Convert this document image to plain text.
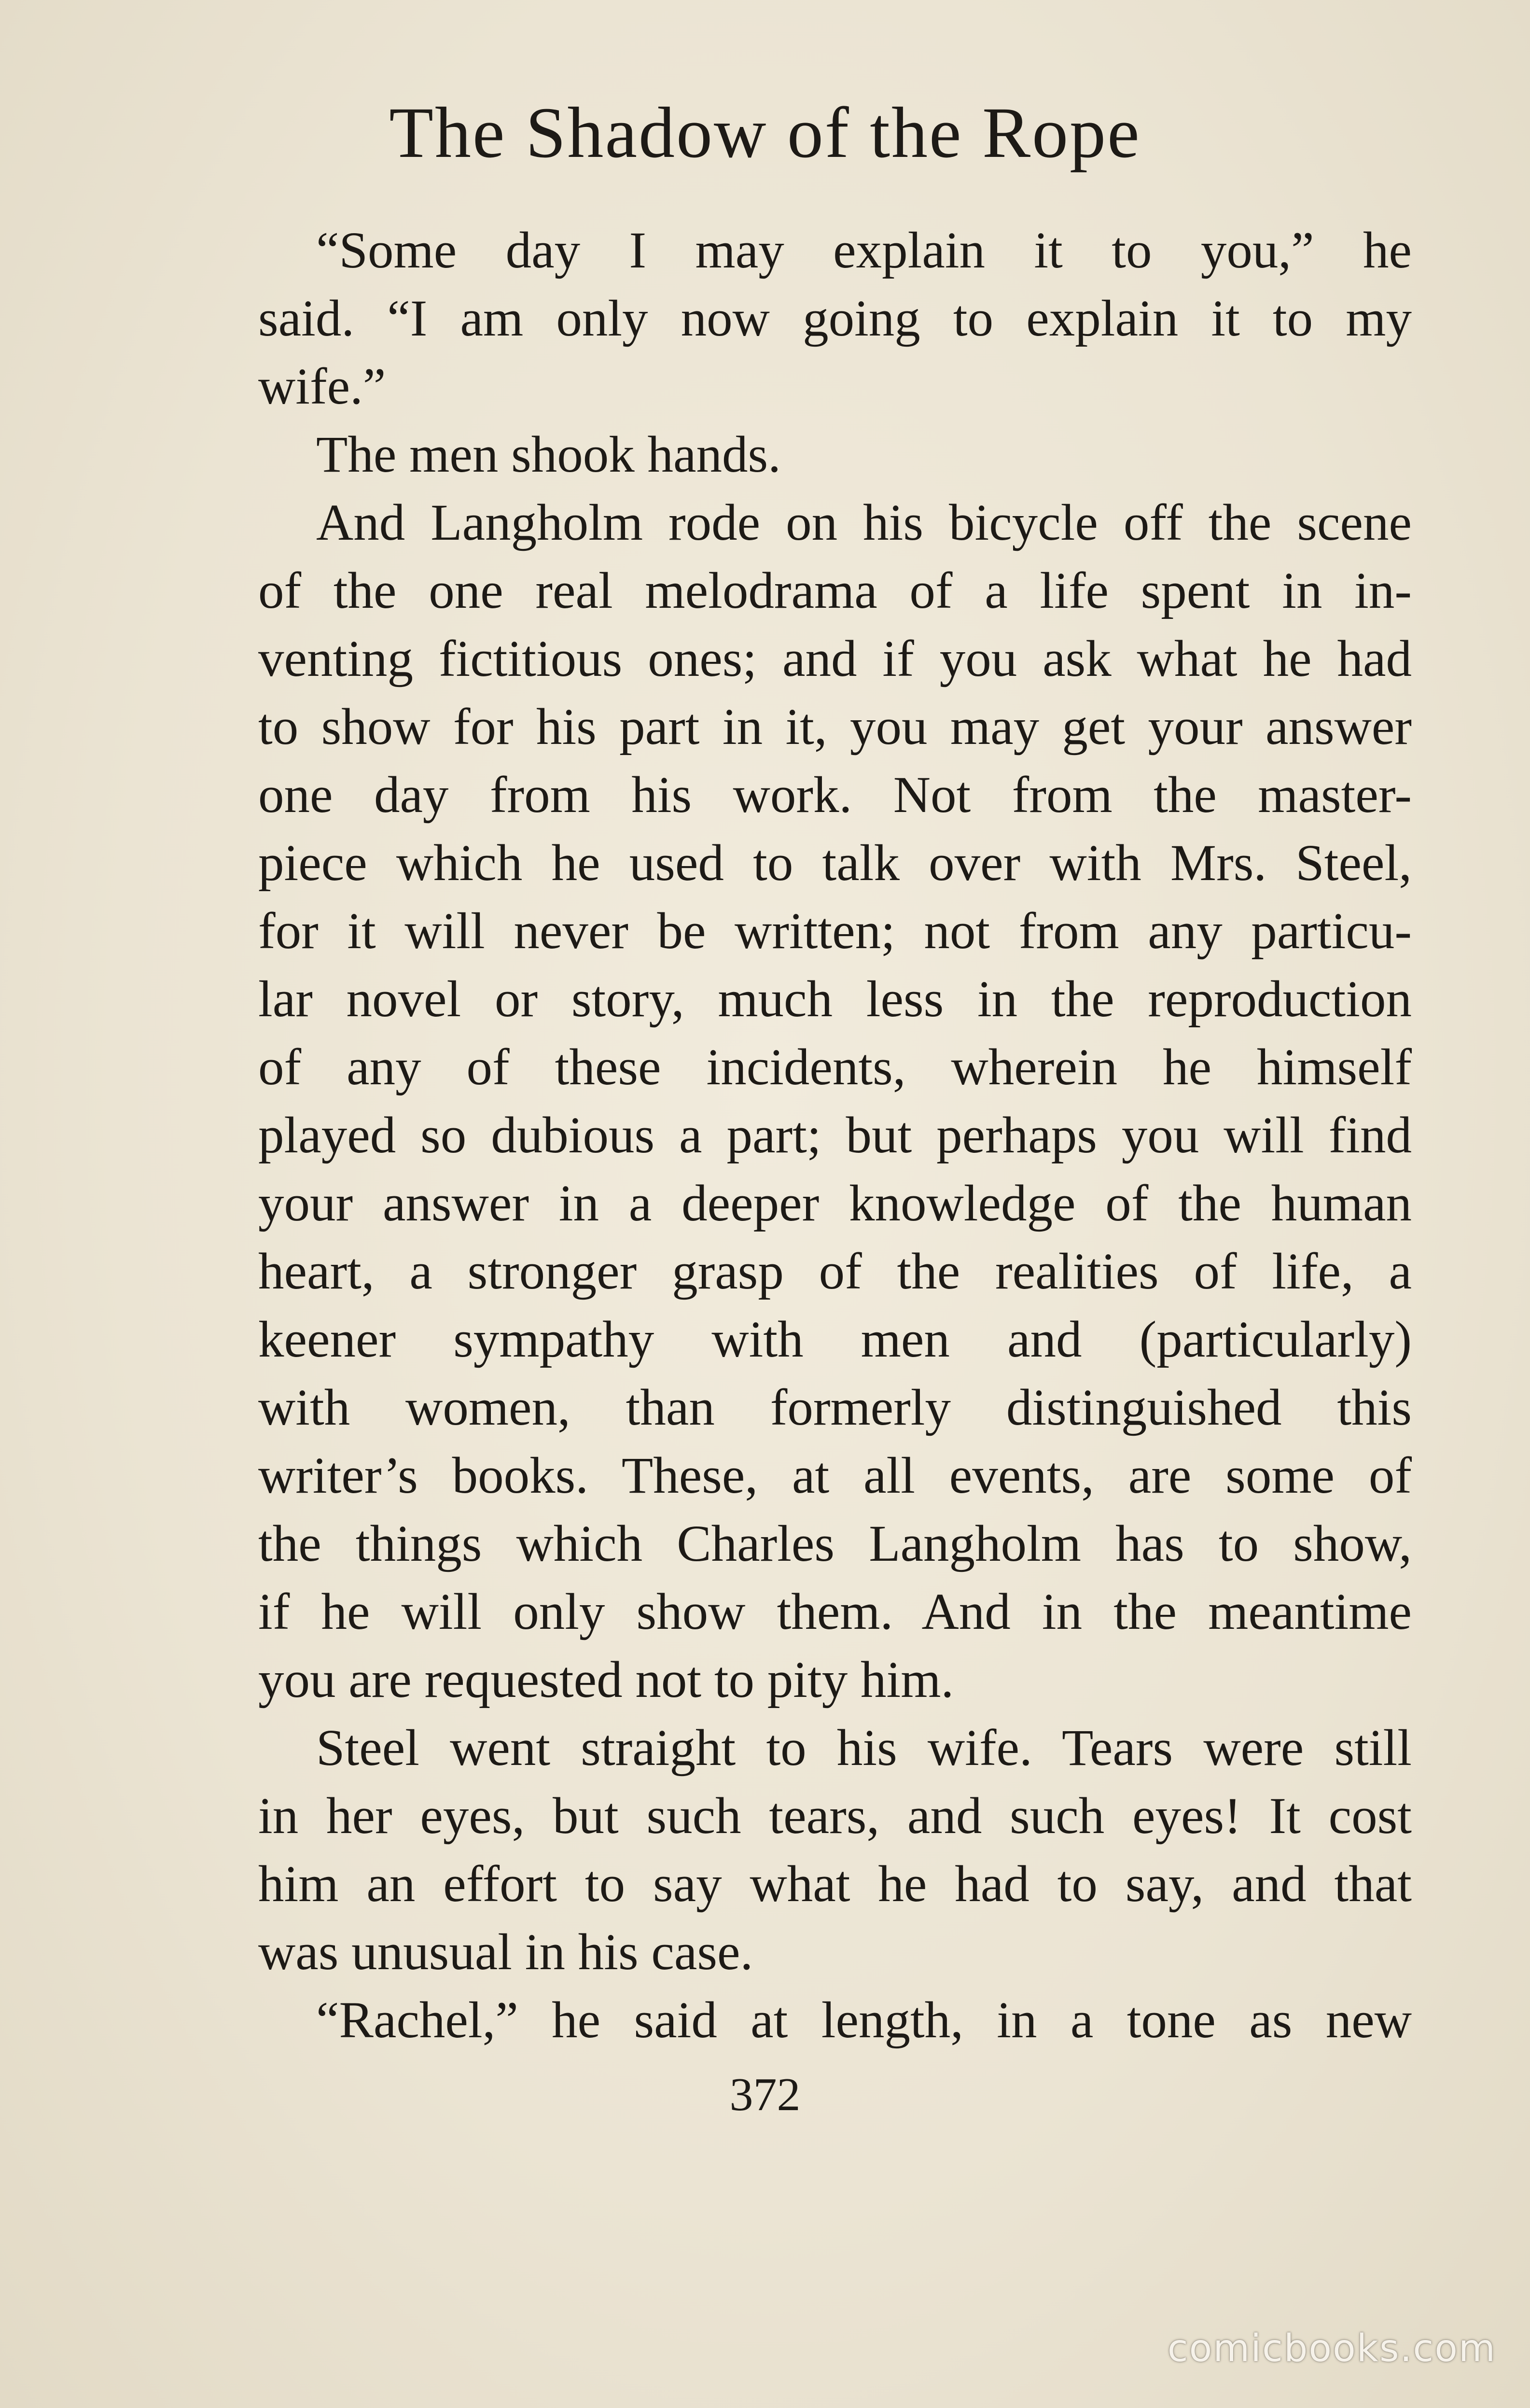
The Shadow of the Rope
“Some day I may explain it to you,” he
said. “I am only now going to explain it to my
wife.”
The men shook hands.
And Langholm rode on his bicycle off the scene
of the one real melodrama of a life spent in in-
venting fictitious ones; and if you ask what he had
to show for his part in it, you may get your answer
one day from his work. Not from the master-
piece which he used to talk over with Mrs. Steel,
for it will never be written; not from any particu-
lar novel or story, much less in the reproduction
of any of these incidents, wherein he himself
played so dubious a part; but perhaps you will find
your answer in a deeper knowledge of the human
heart, a stronger grasp of the realities of life, a
keener sympathy with men and (particularly)
with women, than formerly distinguished this
writer’s books. These, at all events, are some of
the things which Charles Langholm has to show,
if he will only show them. And in the meantime
you are requested not to pity him.
Steel went straight to his wife. Tears were still
in her eyes, but such tears, and such eyes! It cost
him an effort to say what he had to say, and that
was unusual in his case.
“Rachel,” he said at length, in a tone as new
372
comicbooks.com
